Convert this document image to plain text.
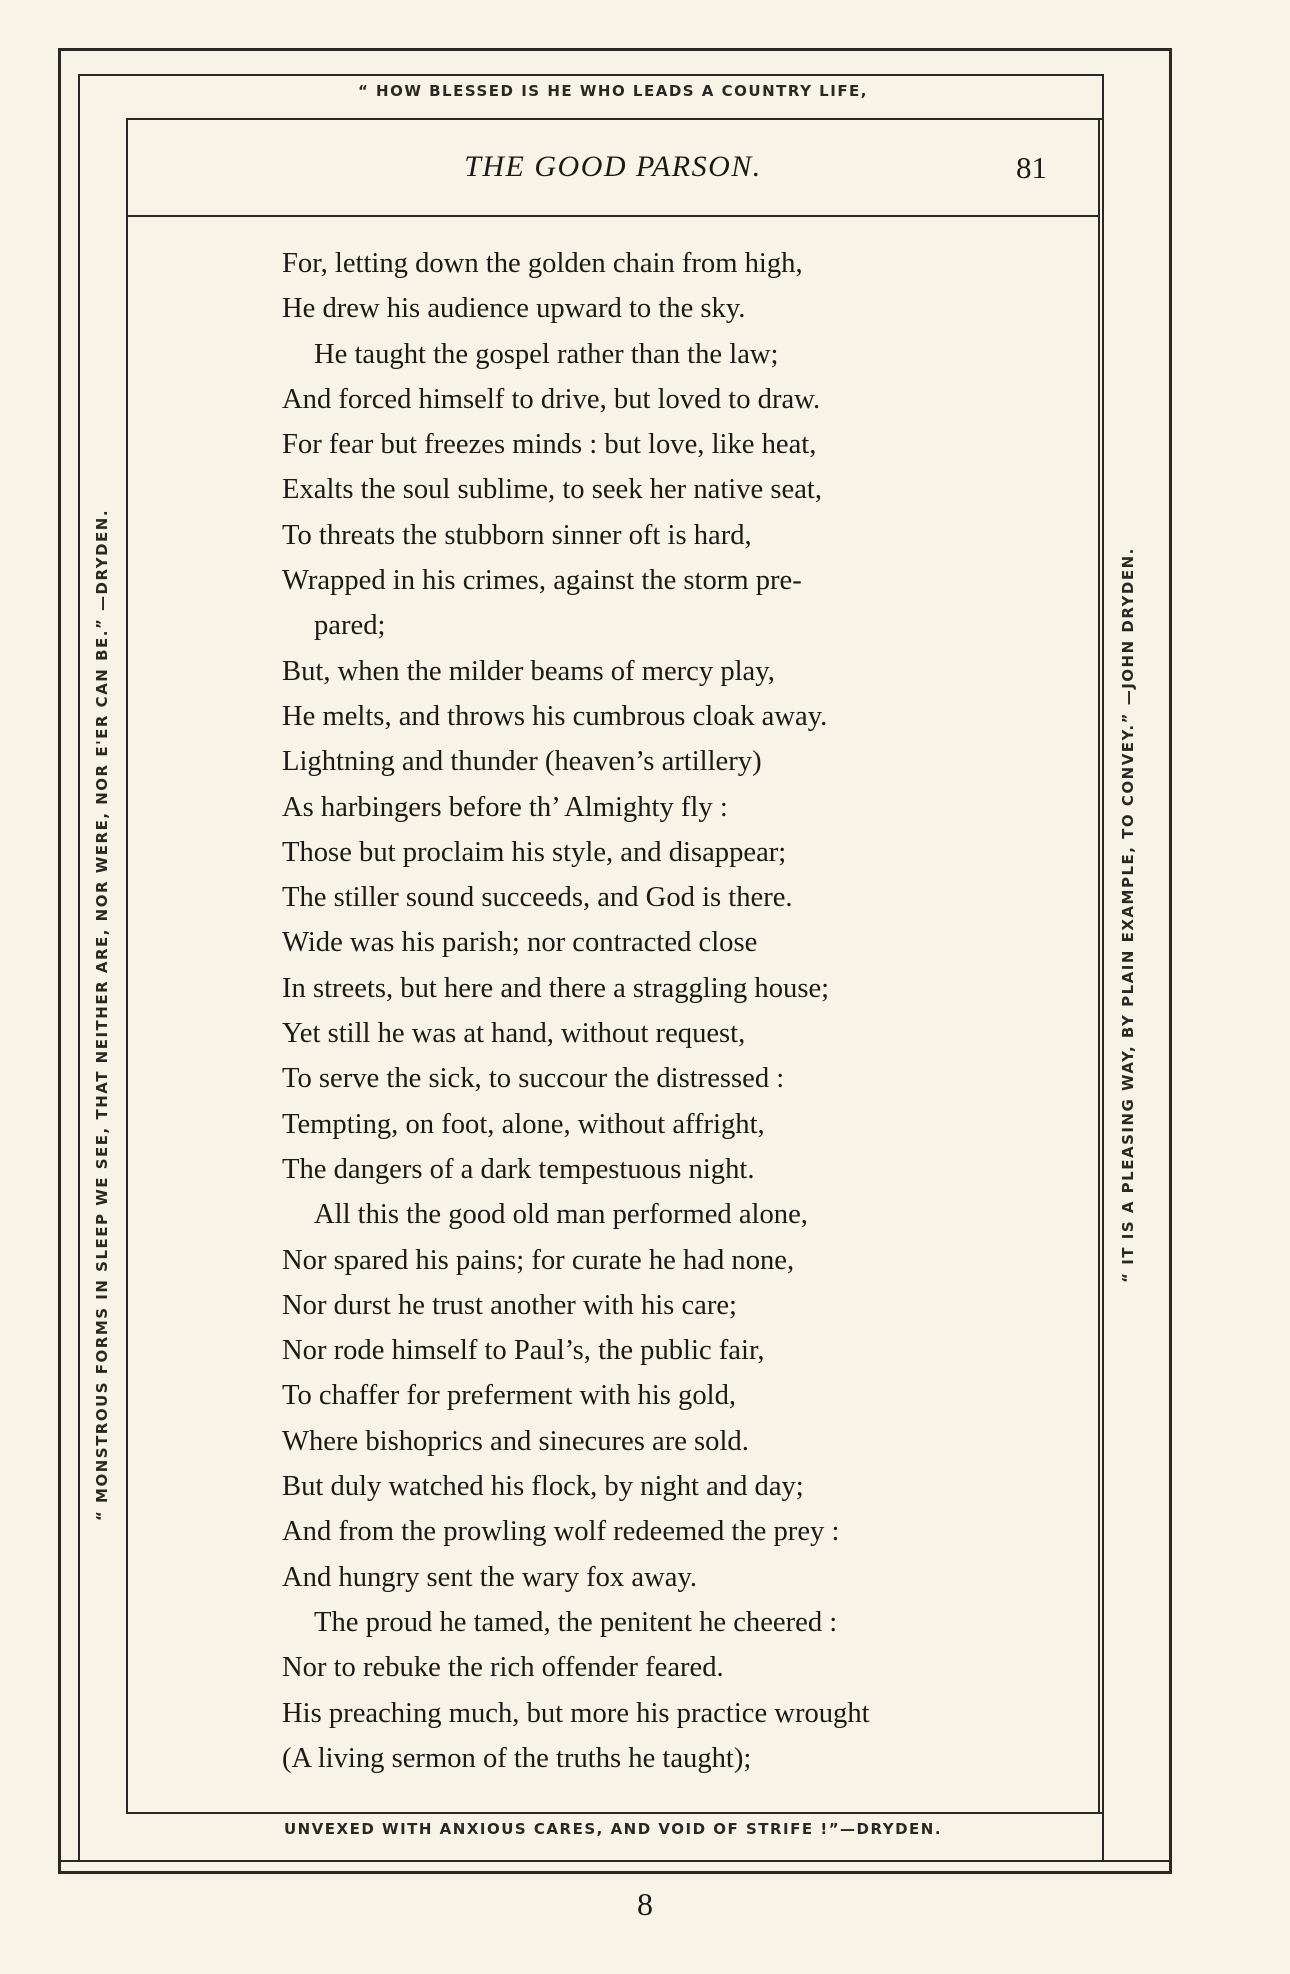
“ HOW BLESSED IS HE WHO LEADS A COUNTRY LIFE,
UNVEXED WITH ANXIOUS CARES, AND VOID OF STRIFE !”—DRYDEN.
“ MONSTROUS FORMS IN SLEEP WE SEE, THAT NEITHER ARE, NOR WERE, NOR E'ER CAN BE.” —DRYDEN.	“ IT IS A PLEASING WAY, BY PLAIN EXAMPLE, TO CONVEY.” —JOHN DRYDEN.
THE GOOD PARSON.	81
For, letting down the golden chain from high,
He drew his audience upward to the sky.
He taught the gospel rather than the law;
And forced himself to drive, but loved to draw.
For fear but freezes minds : but love, like heat,
Exalts the soul sublime, to seek her native seat,
To threats the stubborn sinner oft is hard,
Wrapped in his crimes, against the storm pre-
pared;
But, when the milder beams of mercy play,
He melts, and throws his cumbrous cloak away.
Lightning and thunder (heaven’s artillery)
As harbingers before th’ Almighty fly :
Those but proclaim his style, and disappear;
The stiller sound succeeds, and God is there.
Wide was his parish; nor contracted close
In streets, but here and there a straggling house;
Yet still he was at hand, without request,
To serve the sick, to succour the distressed :
Tempting, on foot, alone, without affright,
The dangers of a dark tempestuous night.
All this the good old man performed alone,
Nor spared his pains; for curate he had none,
Nor durst he trust another with his care;
Nor rode himself to Paul’s, the public fair,
To chaffer for preferment with his gold,
Where bishoprics and sinecures are sold.
But duly watched his flock, by night and day;
And from the prowling wolf redeemed the prey :
And hungry sent the wary fox away.
The proud he tamed, the penitent he cheered :
Nor to rebuke the rich offender feared.
His preaching much, but more his practice wrought
(A living sermon of the truths he taught);
8
